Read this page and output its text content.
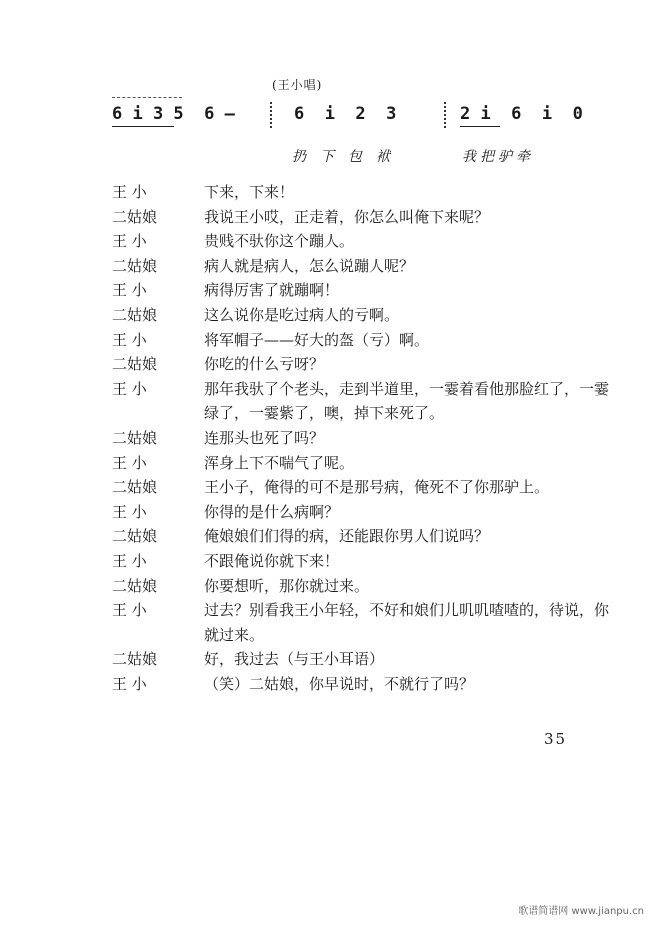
(王小唱)
6 i 3 5  6 —	6  i  2  3	2 i  6  i  0
扔下包袱	我把驴牵
王 小	下来，下来！
二姑娘	我说王小哎，正走着，你怎么叫俺下来呢？
王 小	贵贱不驮你这个蹦人。
二姑娘	病人就是病人，怎么说蹦人呢？
王 小	病得厉害了就蹦啊！
二姑娘	这么说你是吃过病人的亏啊。
王 小	将军帽子——好大的盔（亏）啊。
二姑娘	你吃的什么亏呀？
王 小	那年我驮了个老头，走到半道里，一霎着看他那脸红了，一霎绿了，一霎紫了，噢，掉下来死了。
二姑娘	连那头也死了吗？
王 小	浑身上下不喘气了呢。
二姑娘	王小子，俺得的可不是那号病，俺死不了你那驴上。
王 小	你得的是什么病啊？
二姑娘	俺娘娘们们得的病，还能跟你男人们说吗？
王 小	不跟俺说你就下来！
二姑娘	你要想听，那你就过来。
王 小	过去？别看我王小年轻，不好和娘们儿叽叽喳喳的，待说，你就过来。
二姑娘	好，我过去（与王小耳语）
王 小	（笑）二姑娘，你早说时，不就行了吗？
35
歌谱简谱网 www.jianpu.cn
